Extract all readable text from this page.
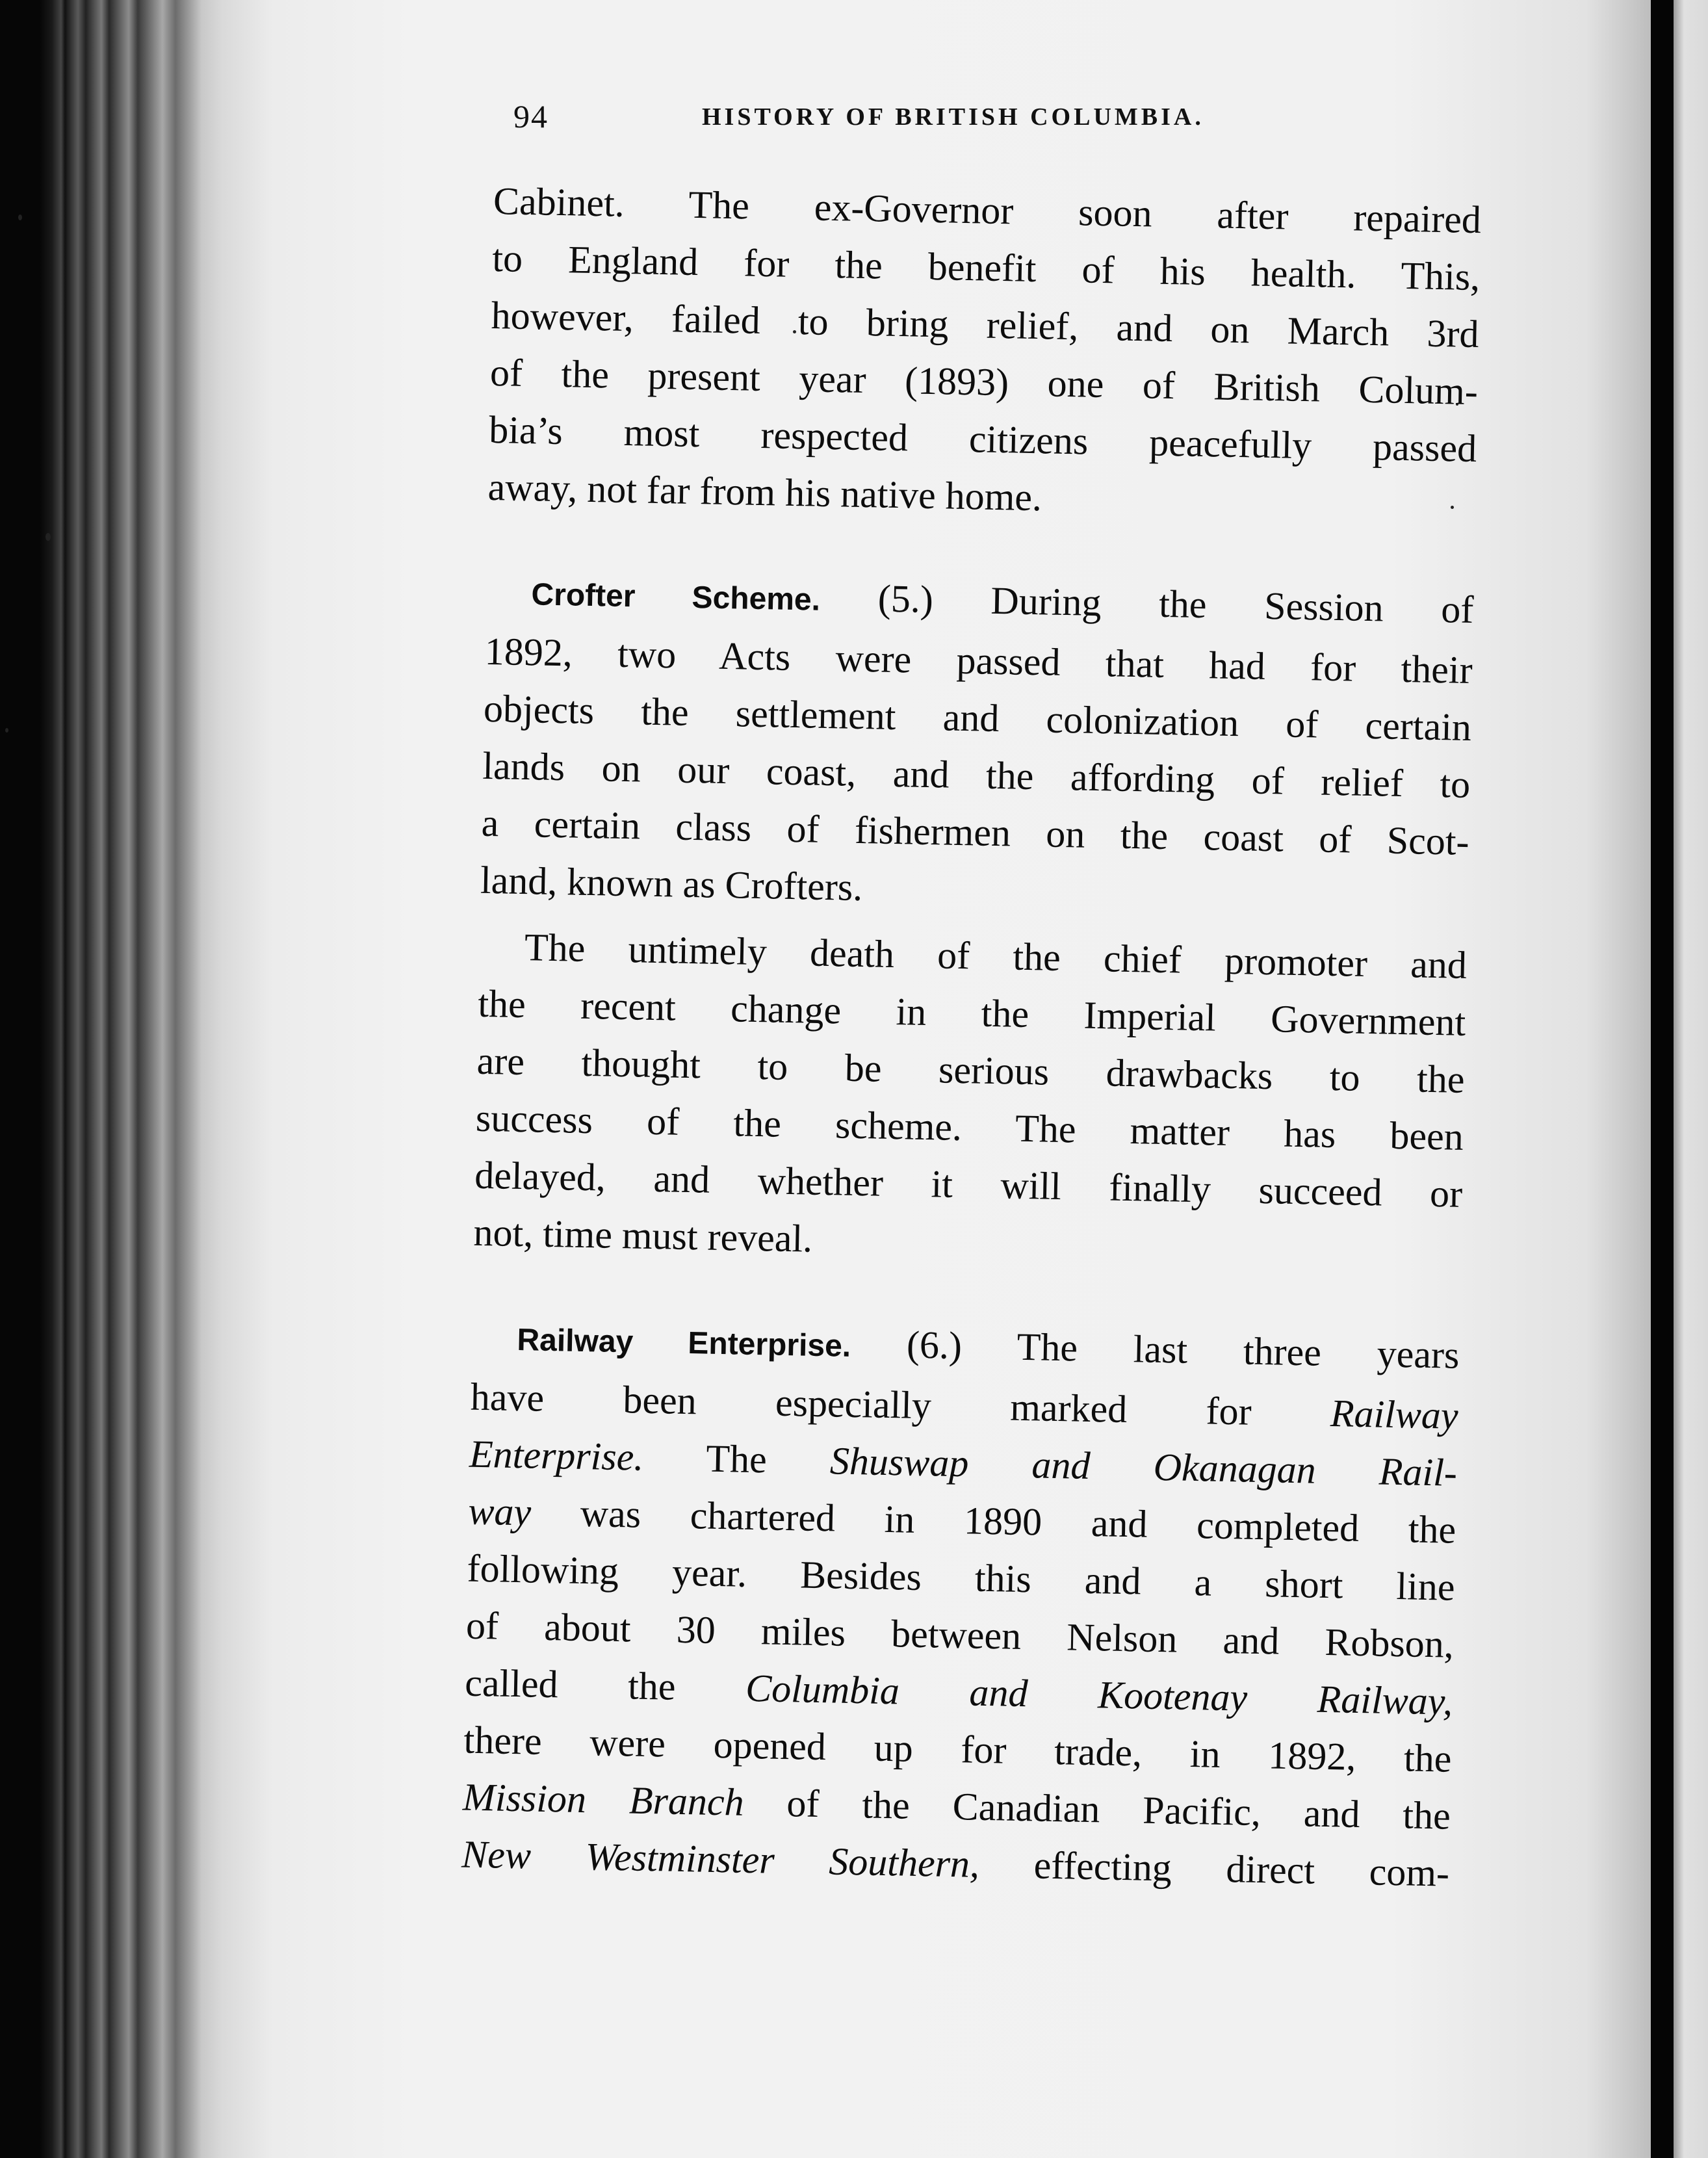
94	HISTORY OF BRITISH COLUMBIA.
Cabinet. The ex-Governor soon after repaired
to England for the benefit of his health. This,
however, failed to bring relief, and on March 3rd
of the present year (1893) one of British Colum-
bia’s most respected citizens peacefully passed
away, not far from his native home.
Crofter Scheme. (5.) During the Session of
1892, two Acts were passed that had for their
objects the settlement and colonization of certain
lands on our coast, and the affording of relief to
a certain class of fishermen on the coast of Scot-
land, known as Crofters.
The untimely death of the chief promoter and
the recent change in the Imperial Government
are thought to be serious drawbacks to the
success of the scheme. The matter has been
delayed, and whether it will finally succeed or
not, time must reveal.
Railway Enterprise. (6.) The last three years
have been especially marked for Railway
Enterprise. The Shuswap and Okanagan Rail-
way was chartered in 1890 and completed the
following year. Besides this and a short line
of about 30 miles between Nelson and Robson,
called the Columbia and Kootenay Railway,
there were opened up for trade, in 1892, the
Mission Branch of the Canadian Pacific, and the
New Westminster Southern, effecting direct com-
